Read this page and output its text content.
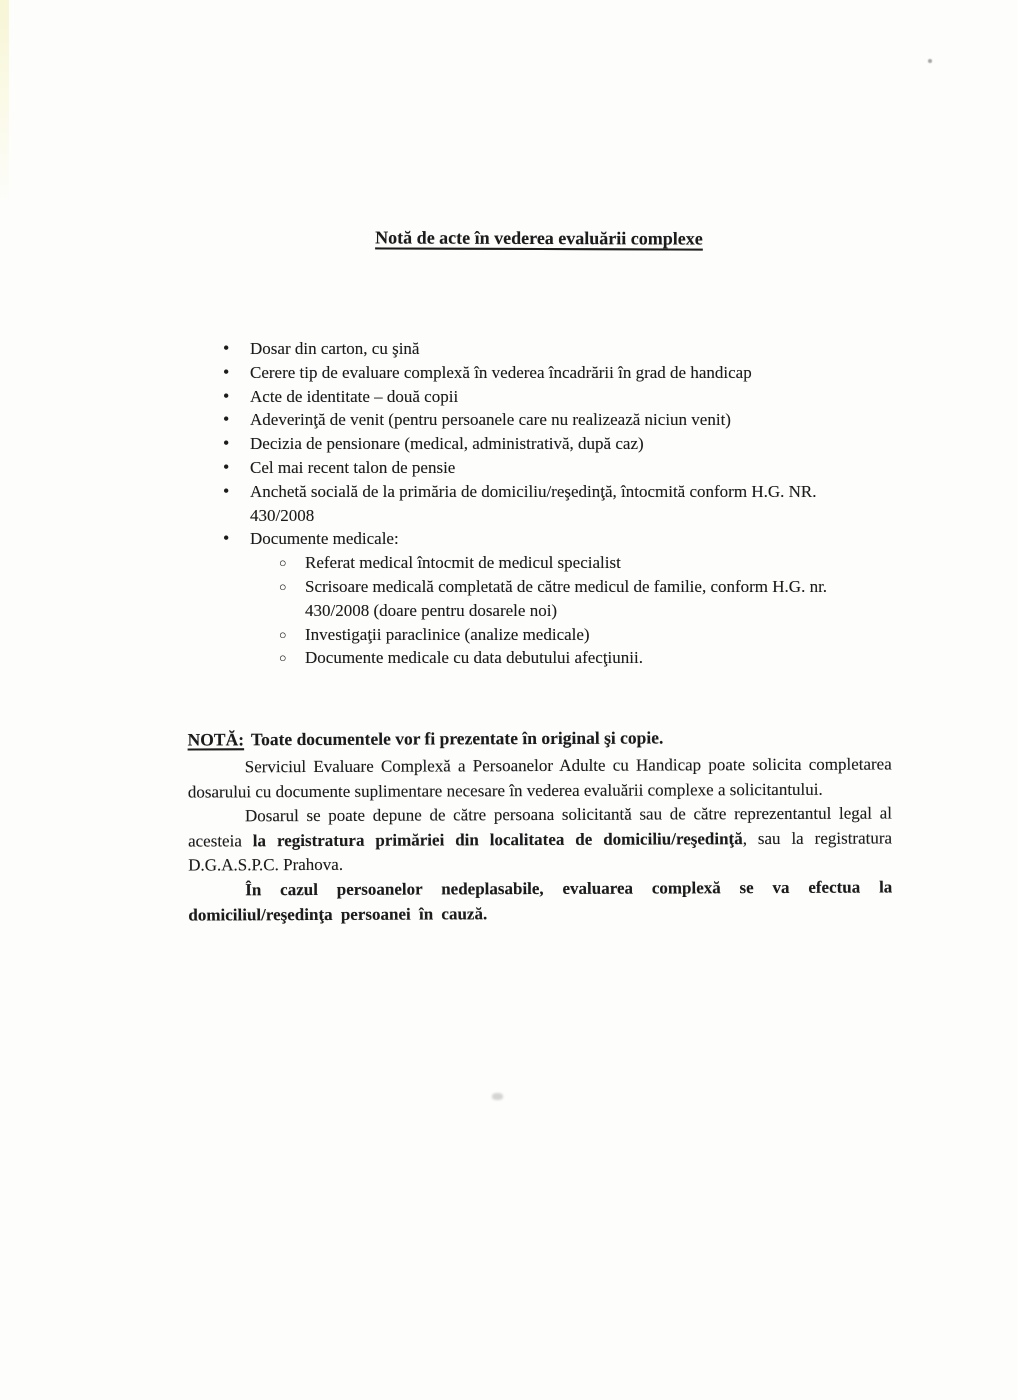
Notă de acte în vederea evaluării complexe
• Dosar din carton, cu şină
• Cerere tip de evaluare complexă în vederea încadrării în grad de handicap
• Acte de identitate – două copii
• Adeverinţă de venit (pentru persoanele care nu realizează niciun venit)
• Decizia de pensionare (medical, administrativă, după caz)
• Cel mai recent talon de pensie
• Anchetă socială de la primăria de domiciliu/reşedinţă, întocmită conform H.G. NR. 430/2008
• Documente medicale:
○ Referat medical întocmit de medicul specialist
○ Scrisoare medicală completată de către medicul de familie, conform H.G. nr. 430/2008 (doare pentru dosarele noi)
○ Investigaţii paraclinice (analize medicale)
○ Documente medicale cu data debutului afecţiunii.
NOTĂ: Toate documentele vor fi prezentate în original şi copie.

Serviciul Evaluare Complexă a Persoanelor Adulte cu Handicap poate solicita completarea dosarului cu documente suplimentare necesare în vederea evaluării complexe a solicitantului.

Dosarul se poate depune de către persoana solicitantă sau de către reprezentantul legal al acesteia la registratura primăriei din localitatea de domiciliu/reşedinţă, sau la registratura D.G.A.S.P.C. Prahova.

În cazul persoanelor nedeplasabile, evaluarea complexă se va efectua la domiciliul/reşedinţa persoanei în cauză.
